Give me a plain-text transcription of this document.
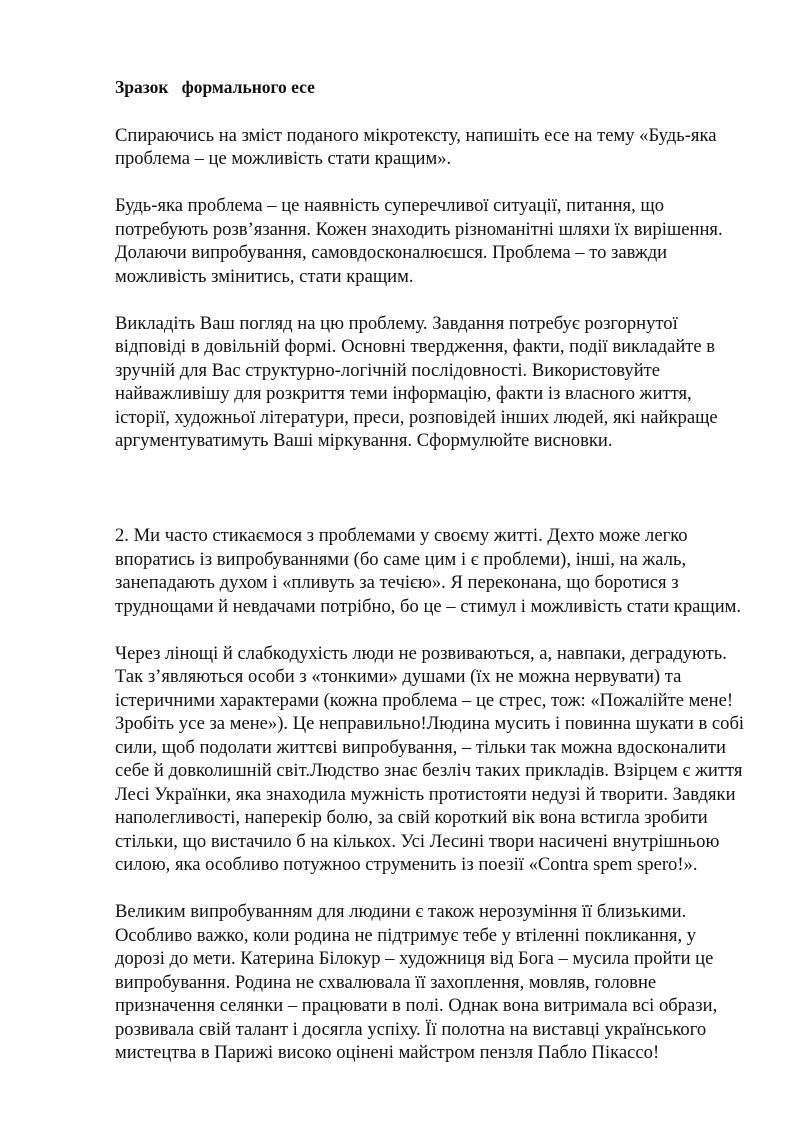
Зразок   формального есе

Спираючись на зміст поданого мікротексту, напишіть есе на тему «Будь-яка проблема – це можливість стати кращим».

Будь-яка проблема – це наявність суперечливої ситуації, питання, що потребують розв’язання. Кожен знаходить різноманітні шляхи їх вирішення. Долаючи випробування, самовдосконалюєшся. Проблема – то завжди можливість змінитись, стати кращим.

Викладіть Ваш погляд на цю проблему. Завдання потребує розгорнутої відповіді в довільній формі. Основні твердження, факти, події викладайте в зручній для Вас структурно-логічній послідовності. Використовуйте найважливішу для розкриття теми інформацію, факти із власного життя, історії, художньої літератури, преси, розповідей інших людей, які найкраще аргументуватимуть Ваші міркування. Сформулюйте висновки.

2. Ми часто стикаємося з проблемами у своєму житті. Дехто може легко впоратись із випробуваннями (бо саме цим і є проблеми), інші, на жаль, занепадають духом і «пливуть за течією». Я переконана, що боротися з труднощами й невдачами потрібно, бо це – стимул і можливість стати кращим.

Через лінощі й слабкодухість люди не розвиваються, а, навпаки, деградують. Так з’являються особи з «тонкими» душами (їх не можна нервувати) та істеричними характерами (кожна проблема – це стрес, тож: «Пожалійте мене! Зробіть усе за мене»). Це неправильно!Людина мусить і повинна шукати в собі сили, щоб подолати життєві випробування, – тільки так можна вдосконалити себе й довколишній світ.Людство знає безліч таких прикладів. Взірцем є життя Лесі Українки, яка знаходила мужність протистояти недузі й творити. Завдяки наполегливості, наперекір болю, за свій короткий вік вона встигла зробити стільки, що вистачило б на кількох. Усі Лесині твори насичені внутрішньою силою, яка особливо потужноо струменить із поезії «Contra spem spero!».

Великим випробуванням для людини є також нерозуміння її близькими. Особливо важко, коли родина не підтримує тебе у втіленні покликання, у дорозі до мети. Катерина Білокур – художниця від Бога – мусила пройти це випробування. Родина не схвалювала її захоплення, мовляв, головне призначення селянки – працювати в полі. Однак вона витримала всі образи, розвивала свій талант і досягла успіху. Її полотна на виставці українського мистецтва в Парижі високо оцінені майстром пензля Пабло Пікассо!
